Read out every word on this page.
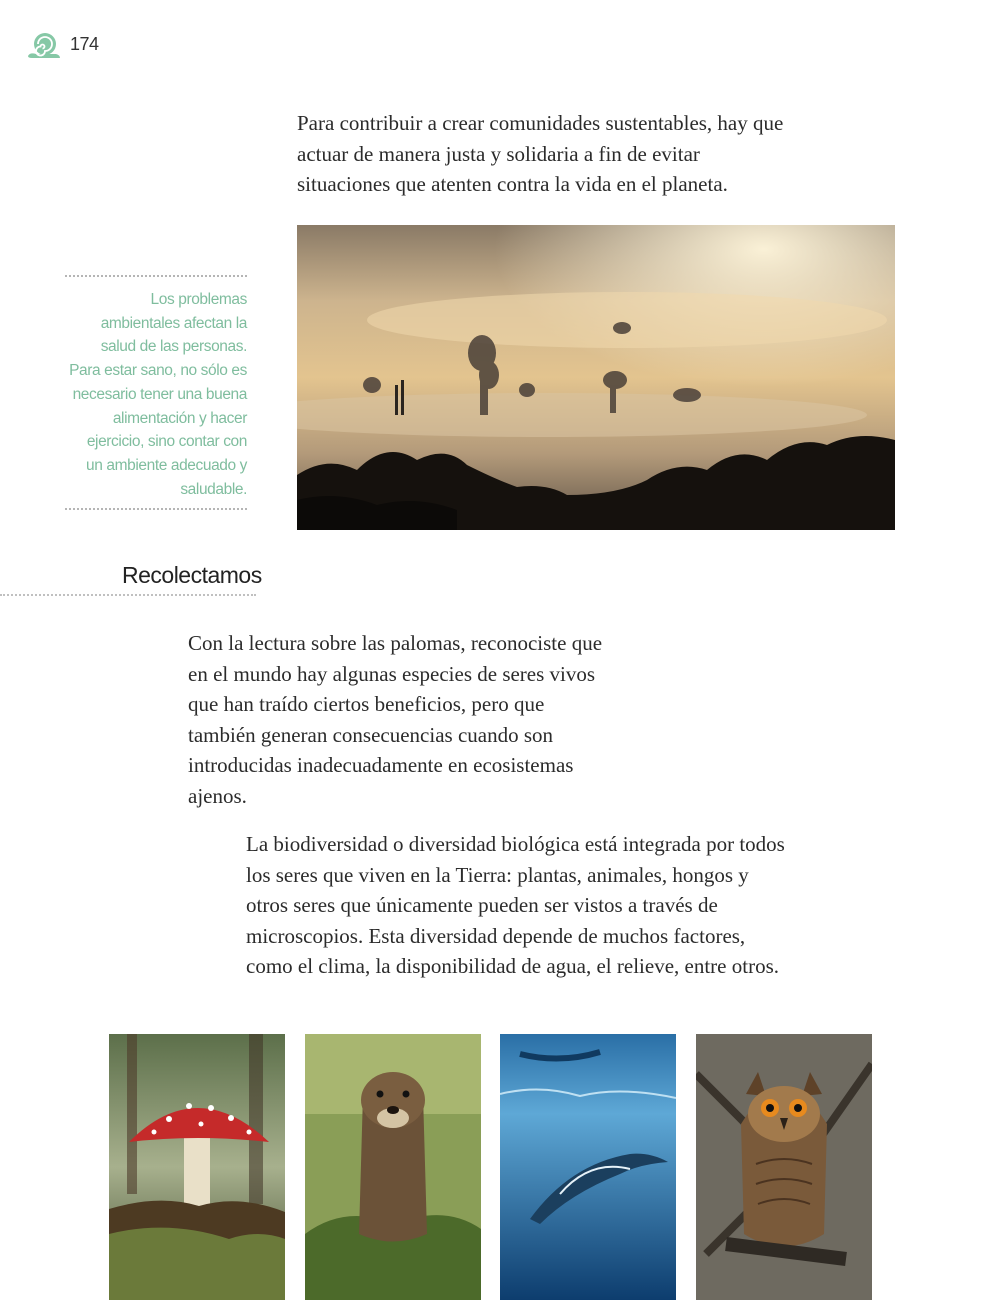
174

Para contribuir a crear comunidades sustentables, hay que actuar de manera justa y solidaria a fin de evitar situaciones que atenten contra la vida en el planeta.

Los problemas ambientales afectan la salud de las personas. Para estar sano, no sólo es necesario tener una buena alimentación y hacer ejercicio, sino contar con un ambiente adecuado y saludable.
Recolectamos

Con la lectura sobre las palomas, reconociste que en el mundo hay algunas especies de seres vivos que han traído ciertos beneficios, pero que también generan consecuencias cuando son introducidas inadecuadamente en ecosistemas ajenos.

La biodiversidad o diversidad biológica está integrada por todos los seres que viven en la Tierra: plantas, animales, hongos y otros seres que únicamente pueden ser vistos a través de microscopios. Esta diversidad depende de muchos factores, como el clima, la disponibilidad de agua, el relieve, entre otros.
